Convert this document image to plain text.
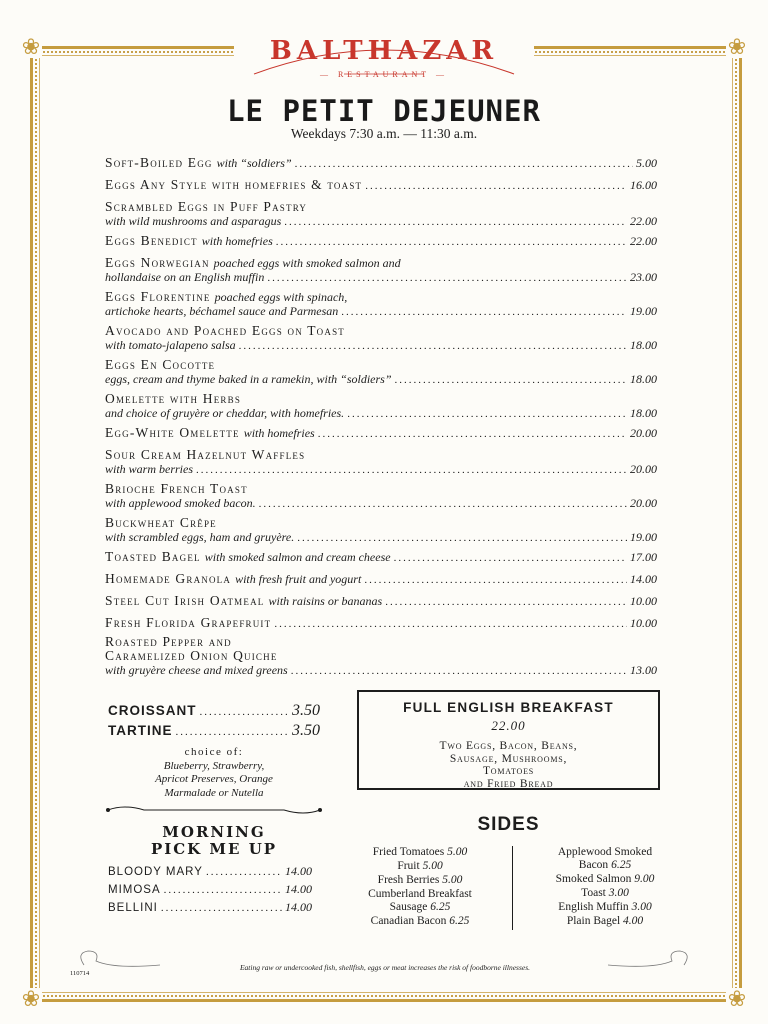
❀	❀
❀	❀
BALTHAZAR
— RESTAURANT —
LE PETIT DEJEUNER
Weekdays 7:30 a.m. — 11:30 a.m.
Soft-Boiled Egg with “soldiers” .....	5.00
Eggs Any Style with homefries & toast .....	16.00
Scrambled Eggs in Puff Pastry
with wild mushrooms and asparagus .....	22.00
Eggs Benedict with homefries .....	22.00
Eggs Norwegian poached eggs with smoked salmon and
hollandaise on an English muffin .....	23.00
Eggs Florentine poached eggs with spinach,
artichoke hearts, béchamel sauce and Parmesan .....	19.00
Avocado and Poached Eggs on Toast
with tomato-jalapeno salsa .....	18.00
Eggs En Cocotte
eggs, cream and thyme baked in a ramekin, with “soldiers” .....	18.00
Omelette with Herbs
and choice of gruyère or cheddar, with homefries. .....	18.00
Egg-White Omelette with homefries .....	20.00
Sour Cream Hazelnut Waffles
with warm berries .....	20.00
Brioche French Toast
with applewood smoked bacon. .....	20.00
Buckwheat Crêpe
with scrambled eggs, ham and gruyère. .....	19.00
Toasted Bagel with smoked salmon and cream cheese .....	17.00
Homemade Granola with fresh fruit and yogurt .....	14.00
Steel Cut Irish Oatmeal with raisins or bananas .....	10.00
Fresh Florida Grapefruit .....	10.00
Roasted Pepper and
Caramelized Onion Quiche
with gruyère cheese and mixed greens .....	13.00
CROISSANT .....	3.50
TARTINE .....	3.50
choice of:
Blueberry, Strawberry,
Apricot Preserves, Orange
Marmalade or Nutella
MORNING
PICK ME UP
BLOODY MARY .....	14.00
MIMOSA .....	14.00
BELLINI .....	14.00
FULL ENGLISH BREAKFAST
22.00
Two Eggs, Bacon, Beans,
Sausage, Mushrooms,
Tomatoes
and Fried Bread
SIDES
Fried Tomatoes 5.00
Fruit 5.00
Fresh Berries 5.00
Cumberland Breakfast
Sausage 6.25
Canadian Bacon 6.25
Applewood Smoked
Bacon 6.25
Smoked Salmon 9.00
Toast 3.00
English Muffin 3.00
Plain Bagel 4.00
Eating raw or undercooked fish, shellfish, eggs or meat increases the risk of foodborne illnesses.
110714
